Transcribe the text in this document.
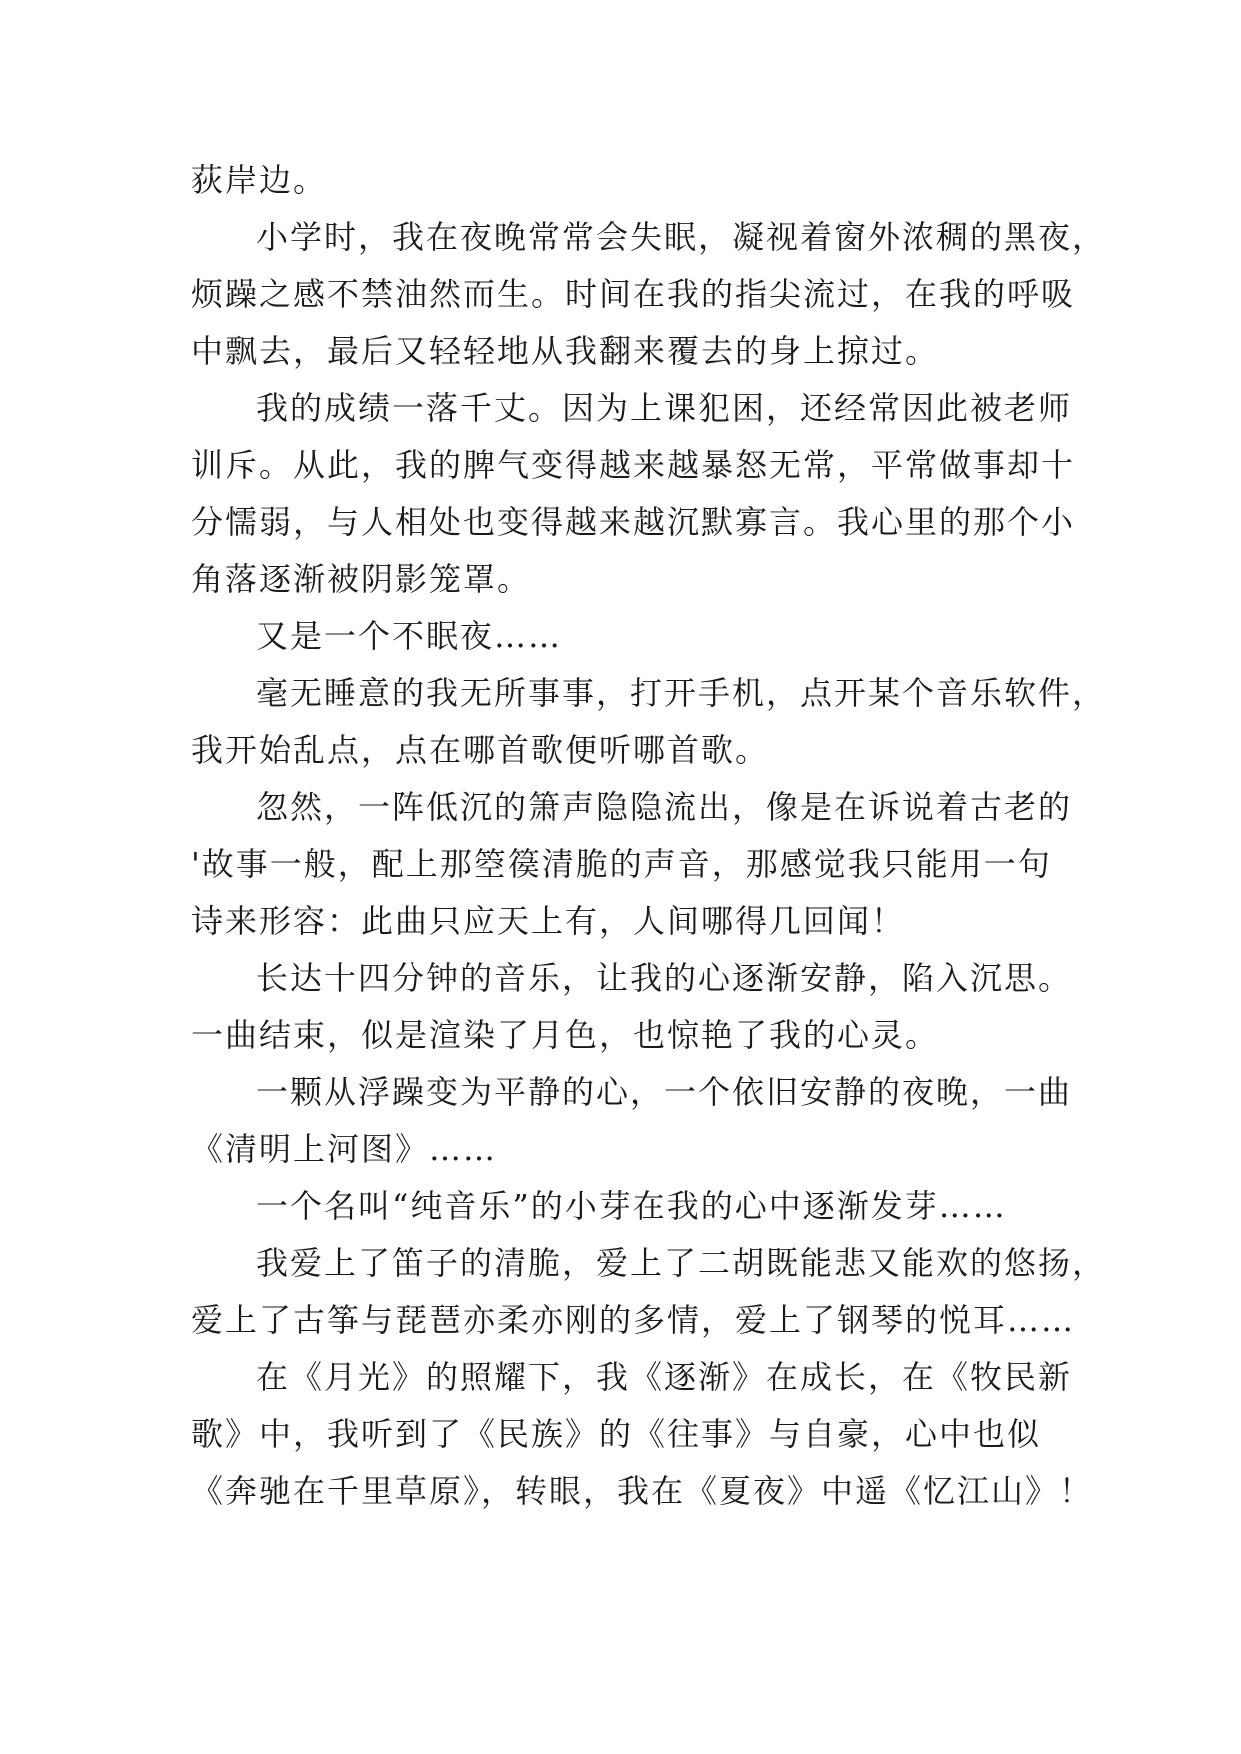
荻岸边。
小学时，我在夜晚常常会失眠，凝视着窗外浓稠的黑夜，
烦躁之感不禁油然而生。时间在我的指尖流过，在我的呼吸
中飘去，最后又轻轻地从我翻来覆去的身上掠过。
我的成绩一落千丈。因为上课犯困，还经常因此被老师
训斥。从此，我的脾气变得越来越暴怒无常，平常做事却十
分懦弱，与人相处也变得越来越沉默寡言。我心里的那个小
角落逐渐被阴影笼罩。
又是一个不眠夜……
毫无睡意的我无所事事，打开手机，点开某个音乐软件，
我开始乱点，点在哪首歌便听哪首歌。
忽然，一阵低沉的箫声隐隐流出，像是在诉说着古老的
'故事一般，配上那箜篌清脆的声音，那感觉我只能用一句
诗来形容：此曲只应天上有，人间哪得几回闻！
长达十四分钟的音乐，让我的心逐渐安静，陷入沉思。
一曲结束，似是渲染了月色，也惊艳了我的心灵。
一颗从浮躁变为平静的心，一个依旧安静的夜晚，一曲
《清明上河图》……
一个名叫“纯音乐”的小芽在我的心中逐渐发芽……
我爱上了笛子的清脆，爱上了二胡既能悲又能欢的悠扬，
爱上了古筝与琵琶亦柔亦刚的多情，爱上了钢琴的悦耳……
在《月光》的照耀下，我《逐渐》在成长，在《牧民新
歌》中，我听到了《民族》的《往事》与自豪，心中也似
《奔驰在千里草原》，转眼，我在《夏夜》中遥《忆江山》！
